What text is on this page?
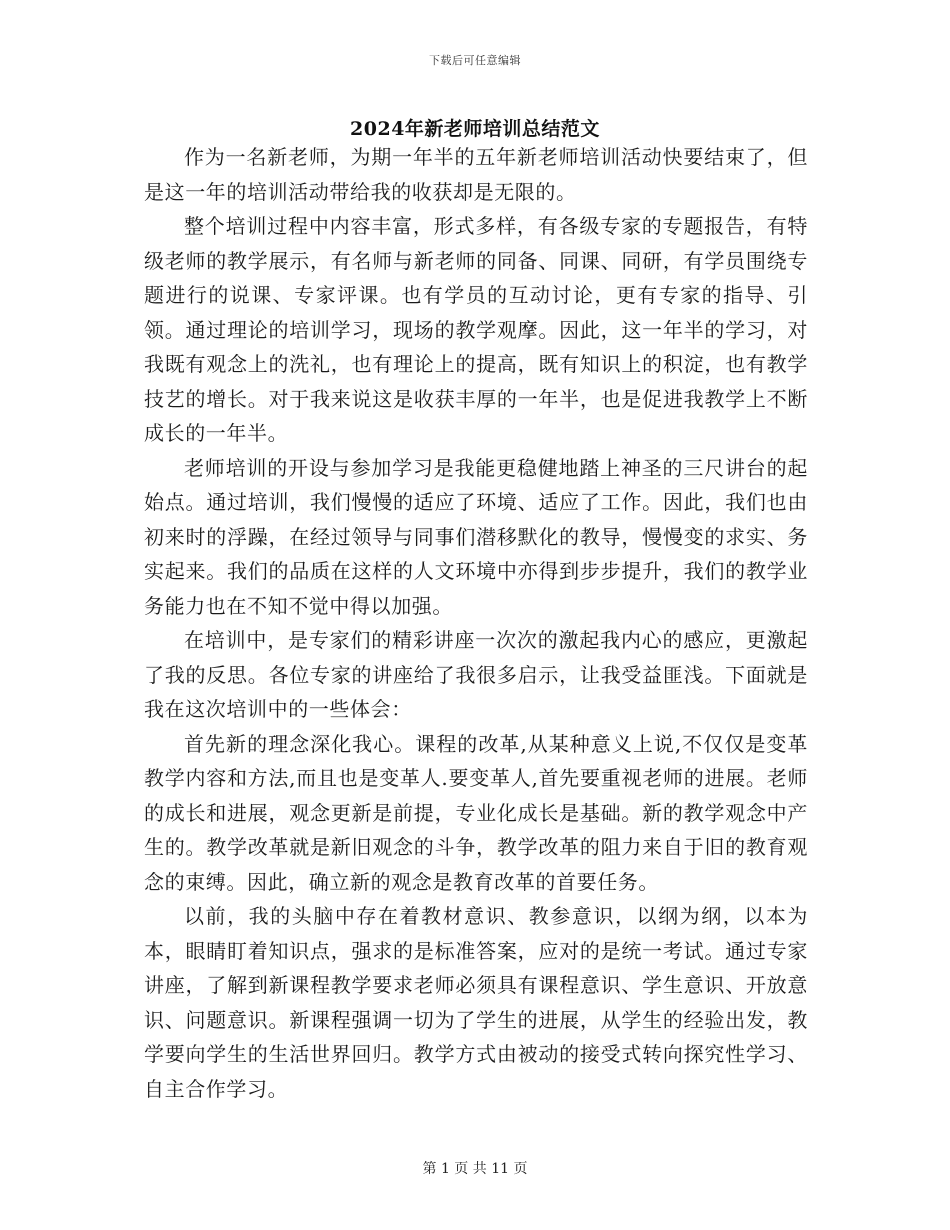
下载后可任意编辑
2024年新老师培训总结范文

作为一名新老师，为期一年半的五年新老师培训活动快要结束了，但是这一年的培训活动带给我的收获却是无限的。

整个培训过程中内容丰富，形式多样，有各级专家的专题报告，有特级老师的教学展示，有名师与新老师的同备、同课、同研，有学员围绕专题进行的说课、专家评课。也有学员的互动讨论，更有专家的指导、引领。通过理论的培训学习，现场的教学观摩。因此，这一年半的学习，对我既有观念上的洗礼，也有理论上的提高，既有知识上的积淀，也有教学技艺的增长。对于我来说这是收获丰厚的一年半，也是促进我教学上不断成长的一年半。

老师培训的开设与参加学习是我能更稳健地踏上神圣的三尺讲台的起始点。通过培训，我们慢慢的适应了环境、适应了工作。因此，我们也由初来时的浮躁，在经过领导与同事们潜移默化的教导，慢慢变的求实、务实起来。我们的品质在这样的人文环境中亦得到步步提升，我们的教学业务能力也在不知不觉中得以加强。

在培训中，是专家们的精彩讲座一次次的激起我内心的感应，更激起了我的反思。各位专家的讲座给了我很多启示，让我受益匪浅。下面就是我在这次培训中的一些体会：

首先新的理念深化我心。课程的改革,从某种意义上说,不仅仅是变革教学内容和方法,而且也是变革人.要变革人,首先要重视老师的进展。老师的成长和进展，观念更新是前提，专业化成长是基础。新的教学观念中产生的。教学改革就是新旧观念的斗争，教学改革的阻力来自于旧的教育观念的束缚。因此，确立新的观念是教育改革的首要任务。

以前，我的头脑中存在着教材意识、教参意识，以纲为纲，以本为本，眼睛盯着知识点，强求的是标准答案，应对的是统一考试。通过专家讲座，了解到新课程教学要求老师必须具有课程意识、学生意识、开放意识、问题意识。新课程强调一切为了学生的进展，从学生的经验出发，教学要向学生的生活世界回归。教学方式由被动的接受式转向探究性学习、自主合作学习。

第 1 页 共 11 页
